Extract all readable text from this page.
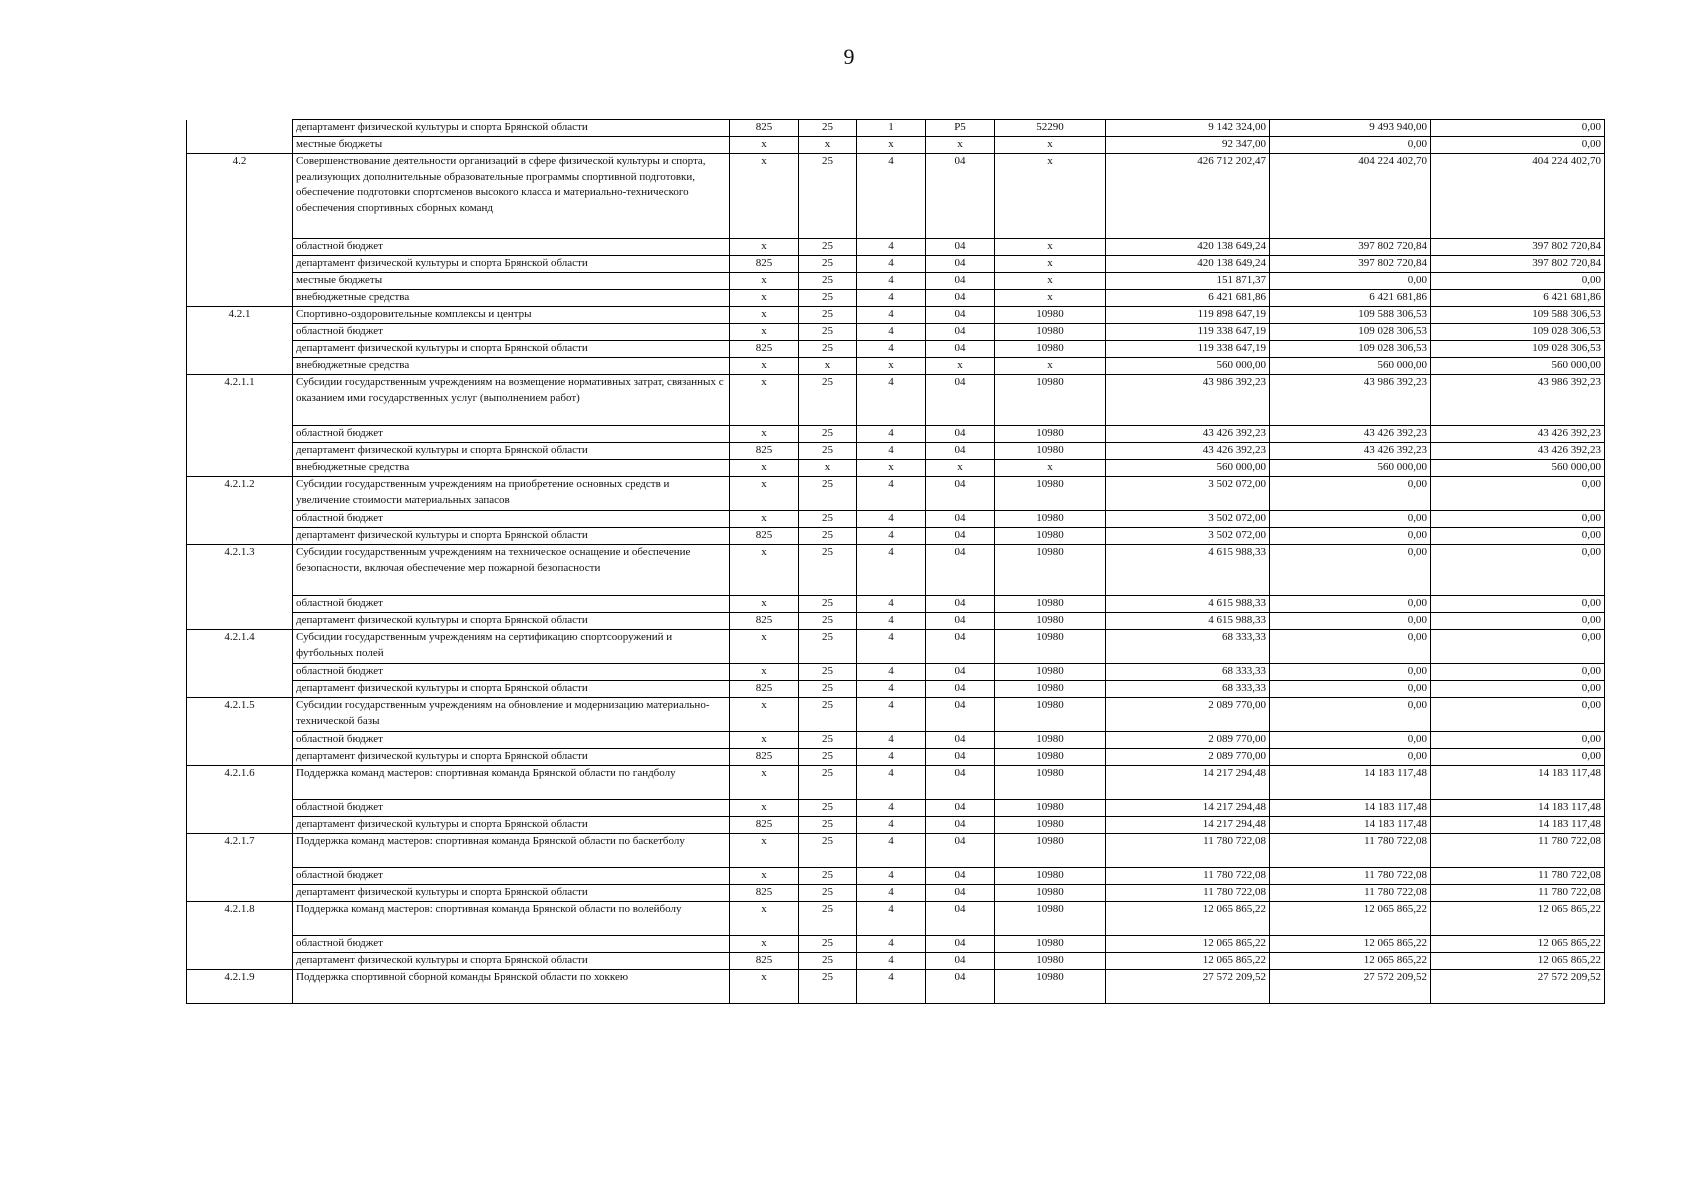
9
	департамент физической культуры и спорта Брянской области	825	25	1	P5	52290	9 142 324,00	9 493 940,00	0,00
	местные бюджеты	x	x	x	x	x	92 347,00	0,00	0,00
4.2	Совершенствование деятельности организаций в сфере физической культуры и спорта, реализующих дополнительные образовательные программы спортивной подготовки, обеспечение подготовки спортсменов высокого класса и материально-технического обеспечения спортивных сборных команд	x	25	4	04	x	426 712 202,47	404 224 402,70	404 224 402,70
	областной бюджет	x	25	4	04	x	420 138 649,24	397 802 720,84	397 802 720,84
	департамент физической культуры и спорта Брянской области	825	25	4	04	x	420 138 649,24	397 802 720,84	397 802 720,84
	местные бюджеты	x	25	4	04	x	151 871,37	0,00	0,00
	внебюджетные средства	x	25	4	04	x	6 421 681,86	6 421 681,86	6 421 681,86
4.2.1	Спортивно-оздоровительные комплексы и центры	x	25	4	04	10980	119 898 647,19	109 588 306,53	109 588 306,53
	областной бюджет	x	25	4	04	10980	119 338 647,19	109 028 306,53	109 028 306,53
	департамент физической культуры и спорта Брянской области	825	25	4	04	10980	119 338 647,19	109 028 306,53	109 028 306,53
	внебюджетные средства	x	x	x	x	x	560 000,00	560 000,00	560 000,00
4.2.1.1	Субсидии государственным учреждениям на возмещение нормативных затрат, связанных с оказанием ими государственных услуг (выполнением работ)	x	25	4	04	10980	43 986 392,23	43 986 392,23	43 986 392,23
	областной бюджет	x	25	4	04	10980	43 426 392,23	43 426 392,23	43 426 392,23
	департамент физической культуры и спорта Брянской области	825	25	4	04	10980	43 426 392,23	43 426 392,23	43 426 392,23
	внебюджетные средства	x	x	x	x	x	560 000,00	560 000,00	560 000,00
4.2.1.2	Субсидии государственным учреждениям на приобретение основных средств и увеличение стоимости материальных запасов	x	25	4	04	10980	3 502 072,00	0,00	0,00
	областной бюджет	x	25	4	04	10980	3 502 072,00	0,00	0,00
	департамент физической культуры и спорта Брянской области	825	25	4	04	10980	3 502 072,00	0,00	0,00
4.2.1.3	Субсидии государственным учреждениям на техническое оснащение и обеспечение безопасности, включая обеспечение мер пожарной безопасности	x	25	4	04	10980	4 615 988,33	0,00	0,00
	областной бюджет	x	25	4	04	10980	4 615 988,33	0,00	0,00
	департамент физической культуры и спорта Брянской области	825	25	4	04	10980	4 615 988,33	0,00	0,00
4.2.1.4	Субсидии государственным учреждениям на сертификацию спортсооружений и футбольных полей	x	25	4	04	10980	68 333,33	0,00	0,00
	областной бюджет	x	25	4	04	10980	68 333,33	0,00	0,00
	департамент физической культуры и спорта Брянской области	825	25	4	04	10980	68 333,33	0,00	0,00
4.2.1.5	Субсидии государственным учреждениям на обновление и модернизацию материально-технической базы	x	25	4	04	10980	2 089 770,00	0,00	0,00
	областной бюджет	x	25	4	04	10980	2 089 770,00	0,00	0,00
	департамент физической культуры и спорта Брянской области	825	25	4	04	10980	2 089 770,00	0,00	0,00
4.2.1.6	Поддержка команд мастеров: спортивная команда Брянской области по гандболу	x	25	4	04	10980	14 217 294,48	14 183 117,48	14 183 117,48
	областной бюджет	x	25	4	04	10980	14 217 294,48	14 183 117,48	14 183 117,48
	департамент физической культуры и спорта Брянской области	825	25	4	04	10980	14 217 294,48	14 183 117,48	14 183 117,48
4.2.1.7	Поддержка команд мастеров: спортивная команда Брянской области по баскетболу	x	25	4	04	10980	11 780 722,08	11 780 722,08	11 780 722,08
	областной бюджет	x	25	4	04	10980	11 780 722,08	11 780 722,08	11 780 722,08
	департамент физической культуры и спорта Брянской области	825	25	4	04	10980	11 780 722,08	11 780 722,08	11 780 722,08
4.2.1.8	Поддержка команд мастеров: спортивная команда Брянской области по волейболу	x	25	4	04	10980	12 065 865,22	12 065 865,22	12 065 865,22
	областной бюджет	x	25	4	04	10980	12 065 865,22	12 065 865,22	12 065 865,22
	департамент физической культуры и спорта Брянской области	825	25	4	04	10980	12 065 865,22	12 065 865,22	12 065 865,22
4.2.1.9	Поддержка спортивной сборной команды Брянской области по хоккею	x	25	4	04	10980	27 572 209,52	27 572 209,52	27 572 209,52
